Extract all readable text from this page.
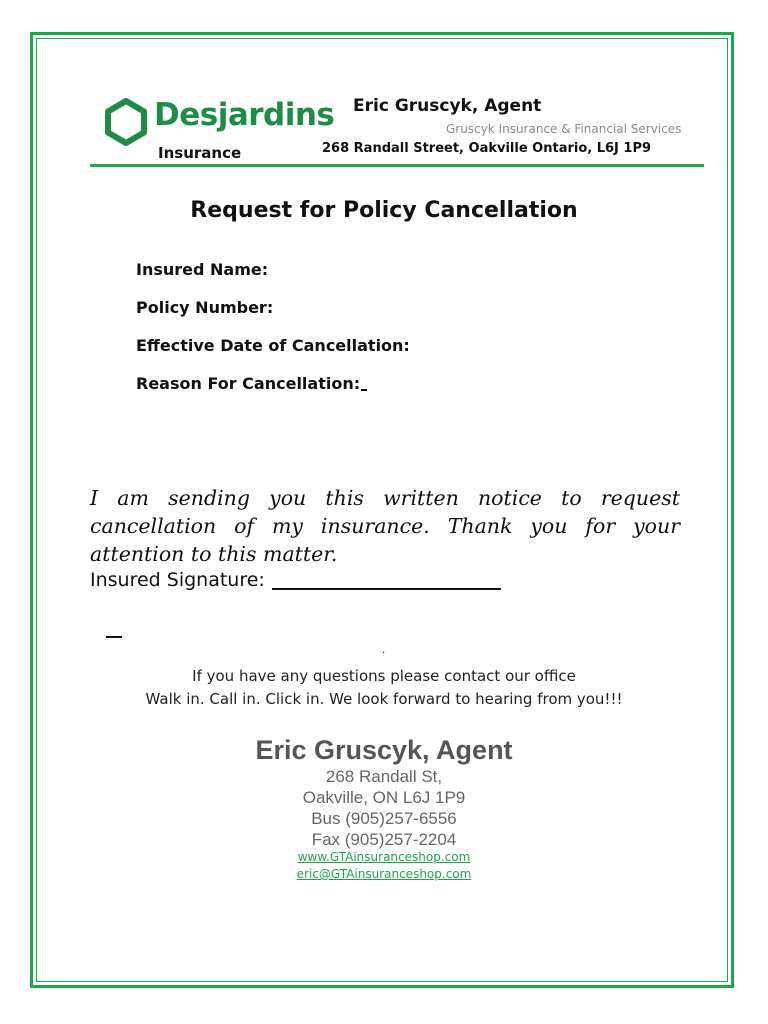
Desjardins
Insurance
Eric Gruscyk, Agent
Gruscyk Insurance & Financial Services
268 Randall Street, Oakville Ontario, L6J 1P9
Request for Policy Cancellation
Insured Name:
Policy Number:
Effective Date of Cancellation:
Reason For Cancellation:
I am sending you this written notice to request cancellation of my insurance. Thank you for your attention to this matter.
Insured Signature:
.
If you have any questions please contact our office
Walk in. Call in. Click in. We look forward to hearing from you!!!
Eric Gruscyk, Agent
268 Randall St,
Oakville, ON L6J 1P9
Bus (905)257-6556
Fax (905)257-2204
www.GTAinsuranceshop.com
eric@GTAinsuranceshop.com
